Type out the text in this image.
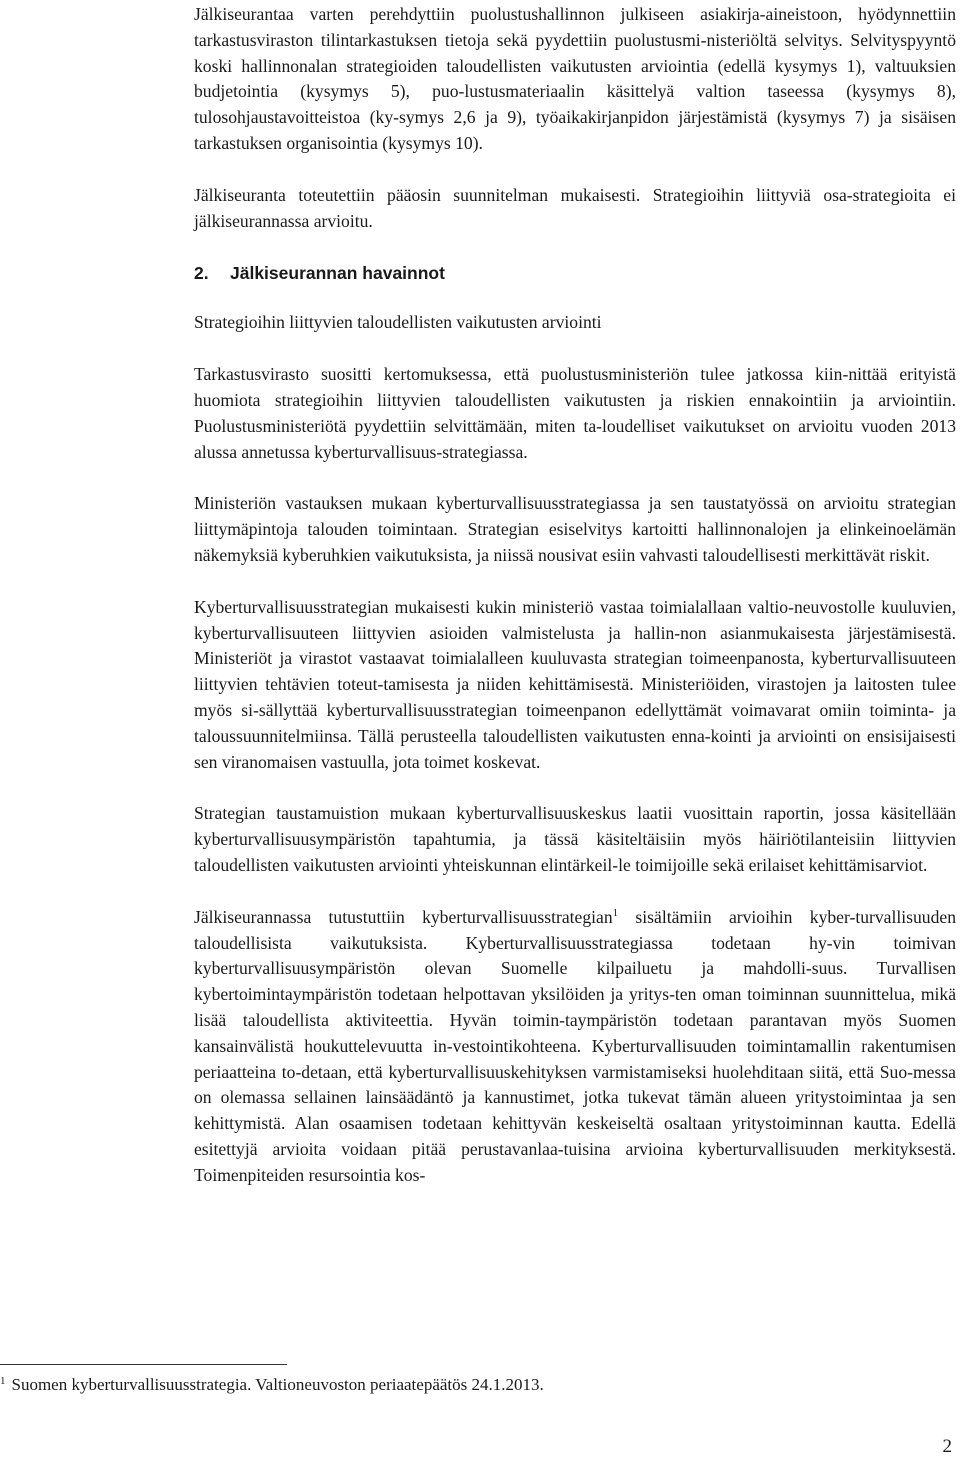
Jälkiseurantaa varten perehdyttiin puolustushallinnon julkiseen asiakirja-aineistoon, hyödynnettiin tarkastusviraston tilintarkastuksen tietoja sekä pyydettiin puolustusmi-nisteriöltä selvitys. Selvityspyyntö koski hallinnonalan strategioiden taloudellisten vaikutusten arviointia (edellä kysymys 1), valtuuksien budjetointia (kysymys 5), puo-lustusmateriaalin käsittelyä valtion taseessa (kysymys 8), tulosohjaustavoitteistoa (ky-symys 2,6 ja 9), työaikakirjanpidon järjestämistä (kysymys 7) ja sisäisen tarkastuksen organisointia (kysymys 10).

Jälkiseuranta toteutettiin pääosin suunnitelman mukaisesti. Strategioihin liittyviä osa-strategioita ei jälkiseurannassa arvioitu.

2. Jälkiseurannan havainnot

Strategioihin liittyvien taloudellisten vaikutusten arviointi

Tarkastusvirasto suositti kertomuksessa, että puolustusministeriön tulee jatkossa kiin-nittää erityistä huomiota strategioihin liittyvien taloudellisten vaikutusten ja riskien ennakointiin ja arviointiin. Puolustusministeriötä pyydettiin selvittämään, miten ta-loudelliset vaikutukset on arvioitu vuoden 2013 alussa annetussa kyberturvallisuus-strategiassa.

Ministeriön vastauksen mukaan kyberturvallisuusstrategiassa ja sen taustatyössä on arvioitu strategian liittymäpintoja talouden toimintaan. Strategian esiselvitys kartoitti hallinnonalojen ja elinkeinoelämän näkemyksiä kyberuhkien vaikutuksista, ja niissä nousivat esiin vahvasti taloudellisesti merkittävät riskit.

Kyberturvallisuusstrategian mukaisesti kukin ministeriö vastaa toimialallaan valtio-neuvostolle kuuluvien, kyberturvallisuuteen liittyvien asioiden valmistelusta ja hallin-non asianmukaisesta järjestämisestä. Ministeriöt ja virastot vastaavat toimialalleen kuuluvasta strategian toimeenpanosta, kyberturvallisuuteen liittyvien tehtävien toteut-tamisesta ja niiden kehittämisestä. Ministeriöiden, virastojen ja laitosten tulee myös si-sällyttää kyberturvallisuusstrategian toimeenpanon edellyttämät voimavarat omiin toiminta- ja taloussuunnitelmiinsa. Tällä perusteella taloudellisten vaikutusten enna-kointi ja arviointi on ensisijaisesti sen viranomaisen vastuulla, jota toimet koskevat.

Strategian taustamuistion mukaan kyberturvallisuuskeskus laatii vuosittain raportin, jossa käsitellään kyberturvallisuusympäristön tapahtumia, ja tässä käsiteltäisiin myös häiriötilanteisiin liittyvien taloudellisten vaikutusten arviointi yhteiskunnan elintärkeil-le toimijoille sekä erilaiset kehittämisarviot.

Jälkiseurannassa tutustuttiin kyberturvallisuusstrategian$^1$ sisältämiin arvioihin kyber-turvallisuuden taloudellisista vaikutuksista. Kyberturvallisuusstrategiassa todetaan hy-vin toimivan kyberturvallisuusympäristön olevan Suomelle kilpailuetu ja mahdolli-suus. Turvallisen kybertoimintaympäristön todetaan helpottavan yksilöiden ja yritys-ten oman toiminnan suunnittelua, mikä lisää taloudellista aktiviteettia. Hyvän toimin-taympäristön todetaan parantavan myös Suomen kansainvälistä houkuttelevuutta in-vestointikohteena. Kyberturvallisuuden toimintamallin rakentumisen periaatteina to-detaan, että kyberturvallisuuskehityksen varmistamiseksi huolehditaan siitä, että Suo-messa on olemassa sellainen lainsäädäntö ja kannustimet, jotka tukevat tämän alueen yritystoimintaa ja sen kehittymistä. Alan osaamisen todetaan kehittyvän keskeiseltä osaltaan yritystoiminnan kautta. Edellä esitettyjä arvioita voidaan pitää perustavanlaa-tuisina arvioina kyberturvallisuuden merkityksestä. Toimenpiteiden resursointia kos-

$^1$ Suomen kyberturvallisuusstrategia. Valtioneuvoston periaatepäätös 24.1.2013.
2
